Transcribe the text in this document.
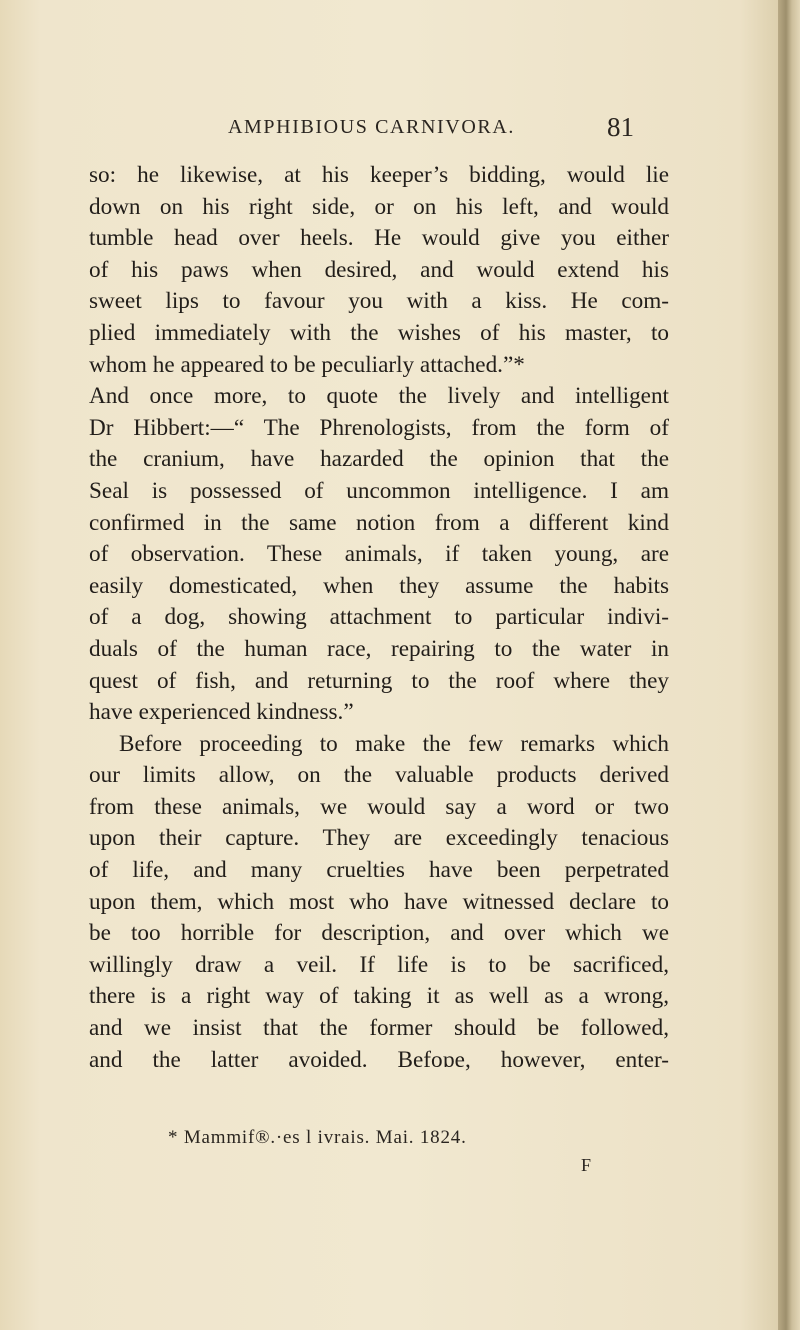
AMPHIBIOUS CARNIVORA.	81
so: he likewise, at his keeper’s bidding, would lie
down on his right side, or on his left, and would
tumble head over heels. He would give you either
of his paws when desired, and would extend his
sweet lips to favour you with a kiss. He com-
plied immediately with the wishes of his master, to
whom he appeared to be peculiarly attached.”*
And once more, to quote the lively and intelligent
Dr Hibbert:—“ The Phrenologists, from the form of
the cranium, have hazarded the opinion that the
Seal is possessed of uncommon intelligence. I am
confirmed in the same notion from a different kind
of observation. These animals, if taken young, are
easily domesticated, when they assume the habits
of a dog, showing attachment to particular indivi-
duals of the human race, repairing to the water in
quest of fish, and returning to the roof where they
have experienced kindness.”
Before proceeding to make the few remarks which
our limits allow, on the valuable products derived
from these animals, we would say a word or two
upon their capture. They are exceedingly tenacious
of life, and many cruelties have been perpetrated
upon them, which most who have witnessed declare to
be too horrible for description, and over which we
willingly draw a veil. If life is to be sacrificed,
there is a right way of taking it as well as a wrong,
and we insist that the former should be followed,
and the latter avoided. Befoɒe, however, enter-
* Mammif®.·es l ivrais. Mai. 1824.
F
